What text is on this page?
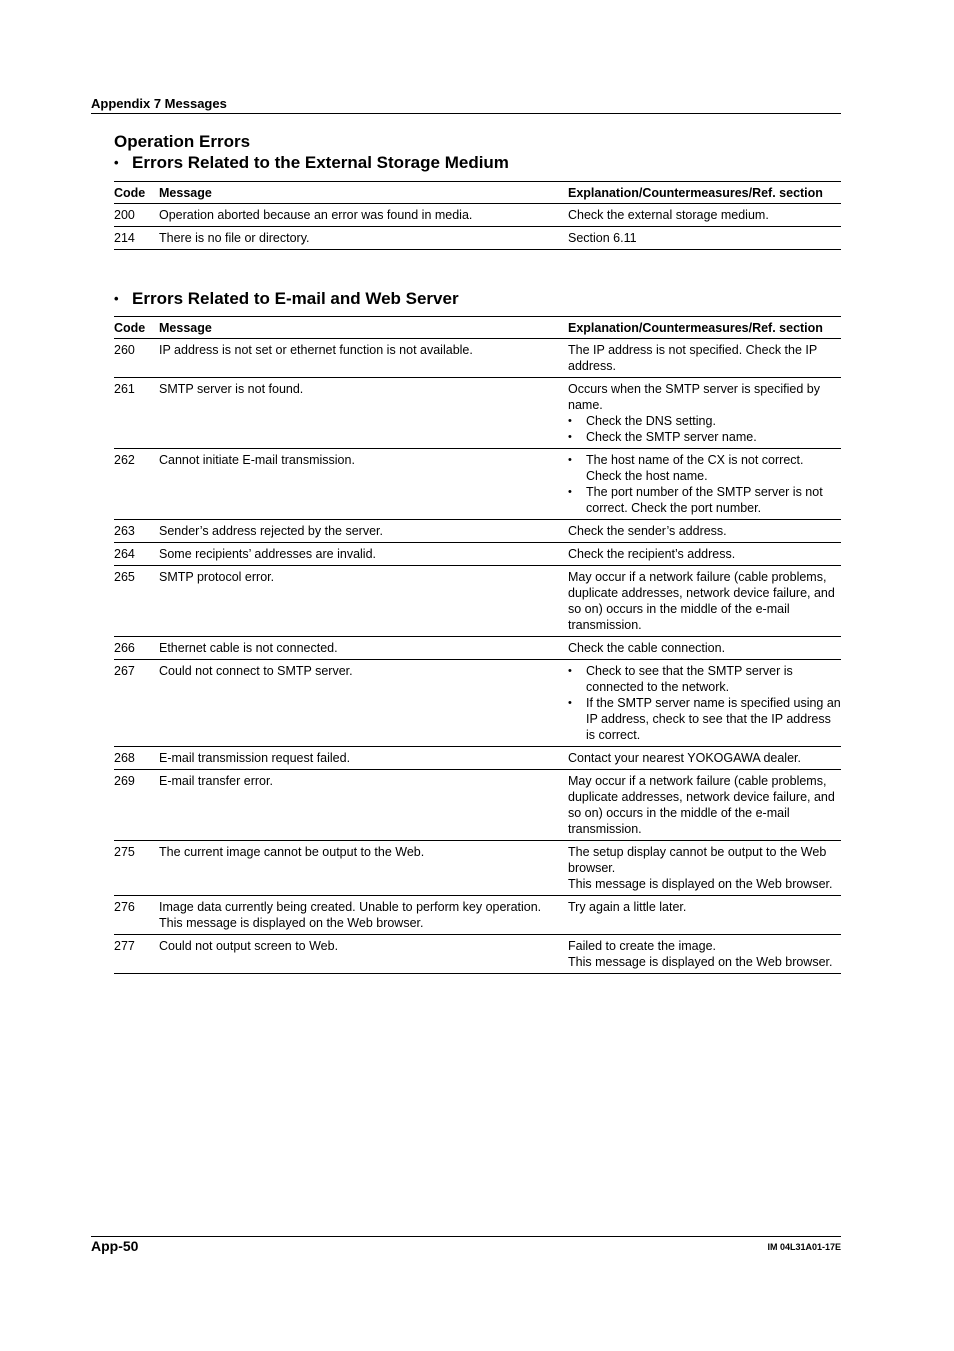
Appendix 7 Messages
Operation Errors
• Errors Related to the External Storage Medium
Code	Message	Explanation/Countermeasures/Ref. section
200	Operation aborted because an error was found in media.	Check the external storage medium.

214	There is no file or directory.	Section 6.11
• Errors Related to E-mail and Web Server
Code	Message	Explanation/Countermeasures/Ref. section
260	IP address is not set or ethernet function is not available.	The IP address is not specified. Check the IP address.

261	SMTP server is not found.	Occurs when the SMTP server is specified by name.
• Check the DNS setting.
• Check the SMTP server name.

262	Cannot initiate E-mail transmission.	• The host name of the CX is not correct. Check the host name.
• The port number of the SMTP server is not correct. Check the port number.

263	Sender’s address rejected by the server.	Check the sender’s address.

264	Some recipients’ addresses are invalid.	Check the recipient’s address.

265	SMTP protocol error.	May occur if a network failure (cable problems, duplicate addresses, network device failure, and so on) occurs in the middle of the e-mail transmission.

266	Ethernet cable is not connected.	Check the cable connection.

267	Could not connect to SMTP server.	• Check to see that the SMTP server is connected to the network.
• If the SMTP server name is specified using an IP address, check to see that the IP address is correct.

268	E-mail transmission request failed.	Contact your nearest YOKOGAWA dealer.

269	E-mail transfer error.	May occur if a network failure (cable problems, duplicate addresses, network device failure, and so on) occurs in the middle of the e-mail transmission.

275	The current image cannot be output to the Web.	The setup display cannot be output to the Web browser.
This message is displayed on the Web browser.

276	Image data currently being created. Unable to perform key operation.
This message is displayed on the Web browser.	Try again a little later.

277	Could not output screen to Web.	Failed to create the image.
This message is displayed on the Web browser.
App-50	IM 04L31A01-17E
